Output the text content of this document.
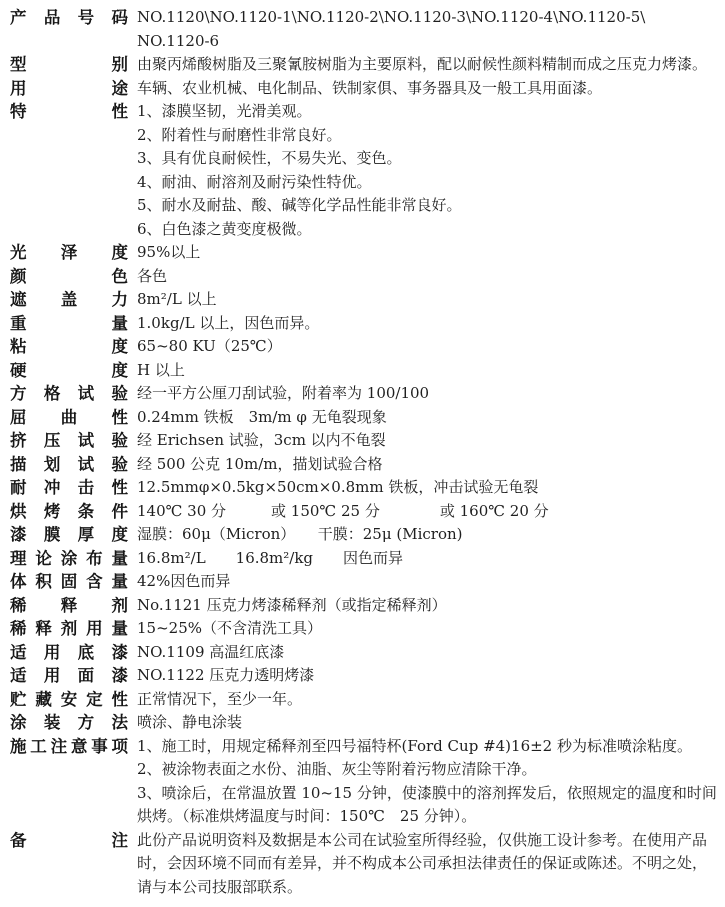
产品号码 NO.1120\NO.1120-1\NO.1120-2\NO.1120-3\NO.1120-4\NO.1120-5\ NO.1120-6
型别 由聚丙烯酸树脂及三聚氰胺树脂为主要原料，配以耐候性颜料精制而成之压克力烤漆。
用途 车辆、农业机械、电化制品、铁制家俱、事务器具及一般工具用面漆。
特性 1、漆膜坚韧，光滑美观。
2、附着性与耐磨性非常良好。
3、具有优良耐候性，不易失光、变色。
4、耐油、耐溶剂及耐污染性特优。
5、耐水及耐盐、酸、碱等化学品性能非常良好。
6、白色漆之黄变度极微。
光泽度 95%以上
颜色 各色
遮盖力 8m²/L 以上
重量 1.0kg/L 以上，因色而异。
粘度 65~80 KU（25℃）
硬度 H 以上
方格试验 经一平方公厘刀刮试验，附着率为 100/100
屈曲性 0.24mm 铁板　3m/m φ 无龟裂现象
挤压试验 经 Erichsen 试验，3cm 以内不龟裂
描划试验 经 500 公克 10m/m，描划试验合格
耐冲击性 12.5mmφ×0.5kg×50cm×0.8mm 铁板，冲击试验无龟裂
烘烤条件 140℃ 30 分　　　或 150℃ 25 分　　　　或 160℃ 20 分
漆膜厚度 湿膜：60μ（Micron）　　干膜：25μ (Micron)
理论涂布量 16.8m²/L　　16.8m²/kg　　因色而异
体积固含量 42%因色而异
稀释剂 No.1121 压克力烤漆稀释剂（或指定稀释剂）
稀释剂用量 15~25%（不含清洗工具）
适用底漆 NO.1109 高温红底漆
适用面漆 NO.1122 压克力透明烤漆
贮藏安定性 正常情况下，至少一年。
涂装方法 喷涂、静电涂装
施工注意事项 1、施工时，用规定稀释剂至四号福特杯(Ford Cup #4)16±2 秒为标准喷涂粘度。
2、被涂物表面之水份、油脂、灰尘等附着污物应清除干净。
3、喷涂后，在常温放置 10~15 分钟，使漆膜中的溶剂挥发后，依照规定的温度和时间烘烤。（标准烘烤温度与时间：150℃　25 分钟）。
备注 此份产品说明资料及数据是本公司在试验室所得经验，仅供施工设计参考。在使用产品时，会因环境不同而有差异，并不构成本公司承担法律责任的保证或陈述。不明之处，请与本公司技服部联系。
